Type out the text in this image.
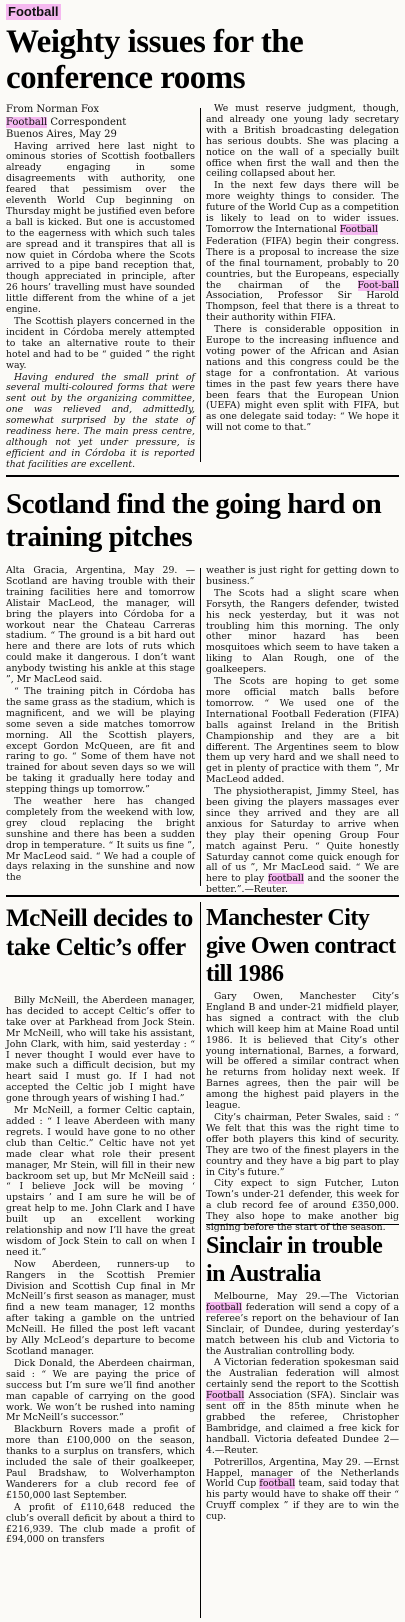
Football
Weighty issues for the conference rooms

From Norman Fox

Football Correspondent

Buenos Aires, May 29

Having arrived here last night to ominous stories of Scottish footballers already engaging in some disagreements with authority, one feared that pessimism over the eleventh World Cup beginning on Thursday might be justified even before a ball is kicked. But one is accustomed to the eagerness with which such tales are spread and it transpires that all is now quiet in Córdoba where the Scots arrived to a pipe band reception that, though appreciated in principle, after 26 hours’ travelling must have sounded little different from the whine of a jet engine.

The Scottish players concerned in the incident in Córdoba merely attempted to take an alternative route to their hotel and had to be “ guided ” the right way.

Having endured the small print of several multi-coloured forms that were sent out by the organizing committee, one was relieved and, admittedly, somewhat surprised by the state of readiness here. The main press centre, although not yet under pressure, is efficient and in Córdoba it is reported that facilities are excellent.

We must reserve judgment, though, and already one young lady secretary with a British broadcasting delegation has serious doubts. She was placing a notice on the wall of a specially built office when first the wall and then the ceiling collapsed about her.

In the next few days there will be more weighty things to consider. The future of the World Cup as a competition is likely to lead on to wider issues. Tomorrow the International Football

Federation (FIFA) begin their congress. There is a proposal to increase the size of the final tournament, probably to 20 countries, but the Europeans, especially the chairman of the Foot-ball Association, Professor Sir Harold Thompson, feel that there is a threat to their authority within FIFA.

There is considerable opposition in Europe to the increasing influence and voting power of the African and Asian nations and this congress could be the stage for a confrontation. At various times in the past few years there have been fears that the European Union (UEFA) might even split with FIFA, but as one delegate said today: “ We hope it will not come to that.”

Scotland find the going hard on training pitches

Alta Gracia, Argentina, May 29. —Scotland are having trouble with their training facilities here and tomorrow Alistair MacLeod, the manager, will bring the players into Córdoba for a workout near the Chateau Carreras stadium. “ The ground is a bit hard out here and there are lots of ruts which could make it dangerous. I don’t want anybody twisting his ankle at this stage ”, Mr MacLeod said.

“ The training pitch in Córdoba has the same grass as the stadium, which is magnificent, and we will be playing some seven a side matches tomorrow morning. All the Scottish players, except Gordon McQueen, are fit and raring to go. “ Some of them have not trained for about seven days so we will be taking it gradually here today and stepping things up tomorrow.”

The weather here has changed completely from the weekend with low, grey cloud replacing the bright sunshine and there has been a sudden drop in temperature. “ It suits us fine ”, Mr MacLeod said. “ We had a couple of days relaxing in the sunshine and now the

weather is just right for getting down to business.”

The Scots had a slight scare when Forsyth, the Rangers defender, twisted his neck yesterday, but it was not troubling him this morning. The only other minor hazard has been mosquitoes which seem to have taken a liking to Alan Rough, one of the goalkeepers.

The Scots are hoping to get some more official match balls before tomorrow. “ We used one of the International Football Federation (FIFA) balls against Ireland in the British Championship and they are a bit different. The Argentines seem to blow them up very hard and we shall need to get in plenty of practice with them ”, Mr MacLeod added.

The physiotherapist, Jimmy Steel, has been giving the players massages ever since they arrived and they are all anxious for Saturday to arrive when they play their opening Group Four match against Peru. “ Quite honestly Saturday cannot come quick enough for all of us ”, Mr MacLeod said. “ We are here to play football and the sooner the better.”.—Reuter.

McNeill decides to take Celtic’s offer

Billy McNeill, the Aberdeen manager, has decided to accept Celtic’s offer to take over at Parkhead from Jock Stein. Mr McNeill, who will take his assistant, John Clark, with him, said yesterday : “ I never thought I would ever have to make such a difficult decision, but my heart said I must go. If I had not accepted the Celtic job I might have gone through years of wishing I had.”

Mr McNeill, a former Celtic captain, added : “ I leave Aberdeen with many regrets. I would have gone to no other club than Celtic.” Celtic have not yet made clear what role their present manager, Mr Stein, will fill in their new backroom set up, but Mr McNeill said : “ I believe Jock will be moving ‘ upstairs ’ and I am sure he will be of great help to me. John Clark and I have built up an excellent working relationship and now I’ll have the great wisdom of Jock Stein to call on when I need it.”

Now Aberdeen, runners-up to Rangers in the Scottish Premier Division and Scottish Cup final in Mr McNeill’s first season as manager, must find a new team manager, 12 months after taking a gamble on the untried McNeill. He filled the post left vacant by Ally McLeod’s departure to become Scotland manager.

Dick Donald, the Aberdeen chairman, said : “ We are paying the price of success but I’m sure we’ll find another man capable of carrying on the good work. We won’t be rushed into naming Mr McNeill’s successor.”

Blackburn Rovers made a profit of more than £100,000 on the season, thanks to a surplus on transfers, which included the sale of their goalkeeper, Paul Bradshaw, to Wolverhampton Wanderers for a club record fee of £150,000 last September.

A profit of £110,648 reduced the club’s overall deficit by about a third to £216,939. The club made a profit of £94,000 on transfers

Manchester City give Owen contract till 1986

Gary Owen, Manchester City’s England B and under-21 midfield player, has signed a contract with the club which will keep him at Maine Road until 1986. It is believed that City’s other young international, Barnes, a forward, will be offered a similar contract when he returns from holiday next week. If Barnes agrees, then the pair will be among the highest paid players in the league.

City’s chairman, Peter Swales, said : “ We felt that this was the right time to offer both players this kind of security. They are two of the finest players in the country and they have a big part to play in City’s future.”

City expect to sign Futcher, Luton Town’s under-21 defender, this week for a club record fee of around £350,000. They also hope to make another big signing before the start of the season.

Sinclair in trouble in Australia

Melbourne, May 29.—The Victorian football federation will send a copy of a referee’s report on the behaviour of Ian Sinclair, of Dundee, during yesterday’s match between his club and Victoria to the Australian controlling body.

A Victorian federation spokesman said the Australian federation will almost certainly send the report to the Scottish Football Association (SFA). Sinclair was sent off in the 85th minute when he grabbed the referee, Christopher Bambridge, and claimed a free kick for handball. Victoria defeated Dundee 2—4.—Reuter.

Potrerillos, Argentina, May 29. —Ernst Happel, manager of the Netherlands World Cup football team, said today that his party would have to shake off their “ Cruyff complex ” if they are to win the cup.
